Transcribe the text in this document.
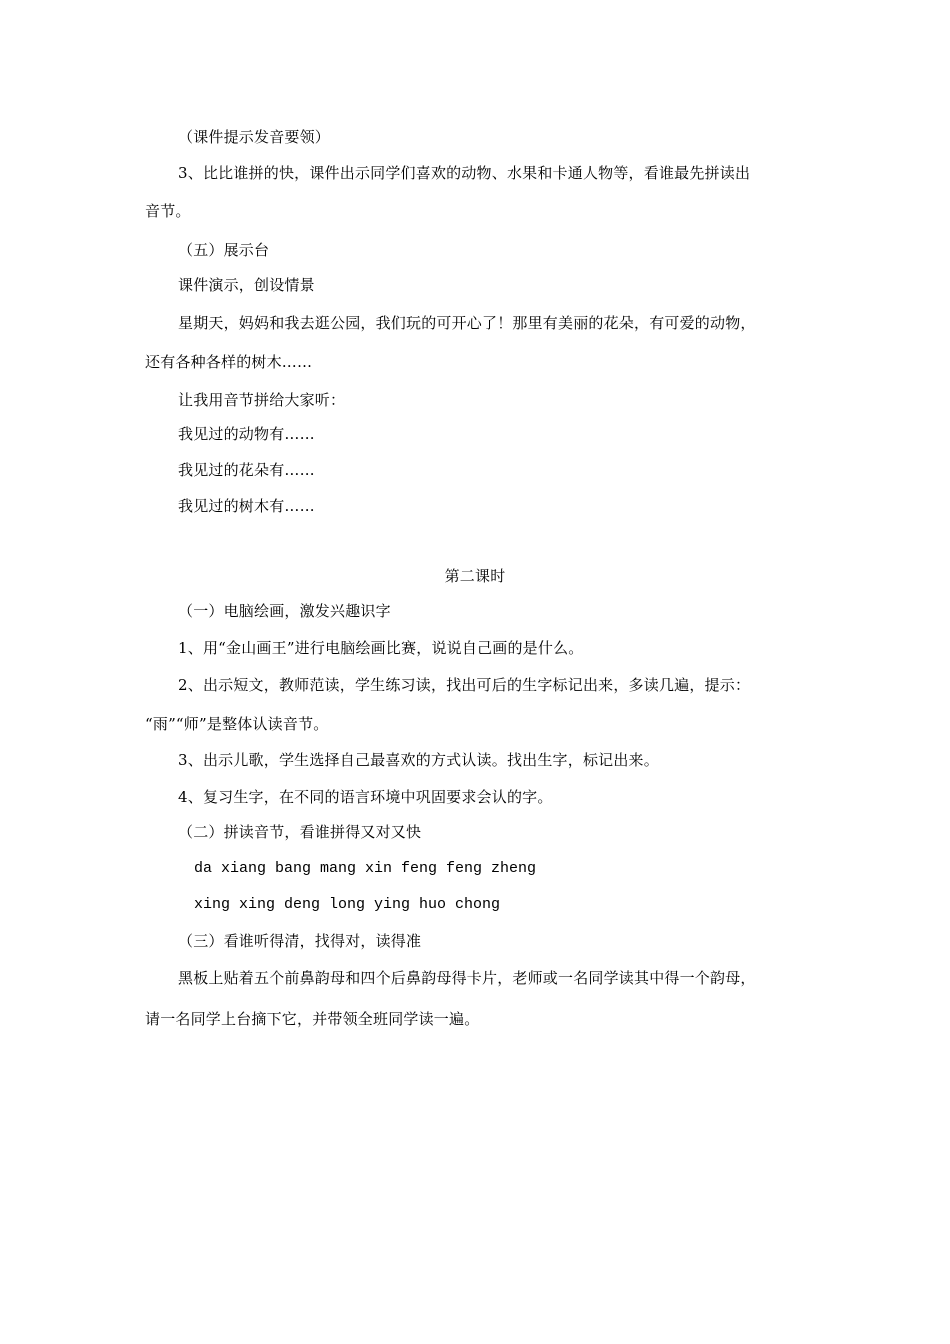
（课件提示发音要领）
3、比比谁拼的快，课件出示同学们喜欢的动物、水果和卡通人物等，看谁最先拼读出
音节。
（五）展示台
课件演示，创设情景
星期天，妈妈和我去逛公园，我们玩的可开心了！那里有美丽的花朵，有可爱的动物，
还有各种各样的树木……
让我用音节拼给大家听：
我见过的动物有……
我见过的花朵有……
我见过的树木有……
第二课时
（一）电脑绘画，激发兴趣识字
1、用“金山画王”进行电脑绘画比赛，说说自己画的是什么。
2、出示短文，教师范读，学生练习读，找出可后的生字标记出来，多读几遍，提示：
“雨”“师”是整体认读音节。
3、出示儿歌，学生选择自己最喜欢的方式认读。找出生字，标记出来。
4、复习生字，在不同的语言环境中巩固要求会认的字。
（二）拼读音节，看谁拼得又对又快
da xiang bang mang xin feng feng zheng
xing xing deng long ying huo chong
（三）看谁听得清，找得对，读得准
黑板上贴着五个前鼻韵母和四个后鼻韵母得卡片，老师或一名同学读其中得一个韵母，
请一名同学上台摘下它，并带领全班同学读一遍。
